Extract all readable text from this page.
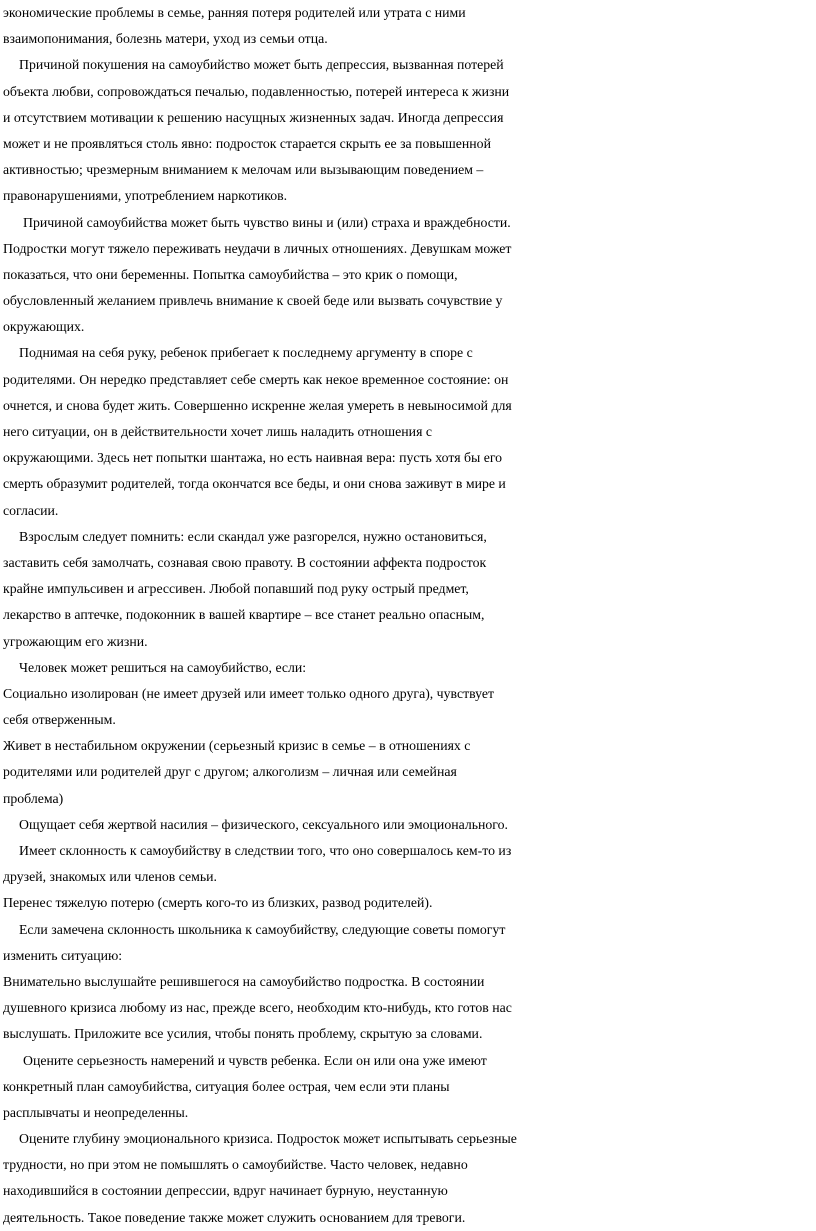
экономические проблемы в семье, ранняя потеря родителей или утрата с ними
взаимопонимания, болезнь матери, уход из семьи отца.
Причиной покушения на самоубийство может быть депрессия, вызванная потерей
объекта любви, сопровождаться печалью, подавленностью, потерей интереса к жизни
и отсутствием мотивации к решению насущных жизненных задач. Иногда депрессия
может и не проявляться столь явно: подросток старается скрыть ее за повышенной
активностью; чрезмерным вниманием к мелочам или вызывающим поведением –
правонарушениями, употреблением наркотиков.
Причиной самоубийства может быть чувство вины и (или) страха и враждебности.
Подростки могут тяжело переживать неудачи в личных отношениях. Девушкам может
показаться, что они беременны. Попытка самоубийства – это крик о помощи,
обусловленный желанием привлечь внимание к своей беде или вызвать сочувствие у
окружающих.
Поднимая на себя руку, ребенок прибегает к последнему аргументу в споре с
родителями. Он нередко представляет себе смерть как некое временное состояние: он
очнется, и снова будет жить. Совершенно искренне желая умереть в невыносимой для
него ситуации, он в действительности хочет лишь наладить отношения с
окружающими. Здесь нет попытки шантажа, но есть наивная вера: пусть хотя бы его
смерть образумит родителей, тогда окончатся все беды, и они снова заживут в мире и
согласии.
Взрослым следует помнить: если скандал уже разгорелся, нужно остановиться,
заставить себя замолчать, сознавая свою правоту. В состоянии аффекта подросток
крайне импульсивен и агрессивен. Любой попавший под руку острый предмет,
лекарство в аптечке, подоконник в вашей квартире – все станет реально опасным,
угрожающим его жизни.
Человек может решиться на самоубийство, если:
Социально изолирован (не имеет друзей или имеет только одного друга), чувствует
себя отверженным.
Живет в нестабильном окружении (серьезный кризис в семье – в отношениях с
родителями или родителей друг с другом; алкоголизм – личная или семейная
проблема)
Ощущает себя жертвой насилия – физического, сексуального или эмоционального.
Имеет склонность к самоубийству в следствии того, что оно совершалось кем-то из
друзей, знакомых или членов семьи.
Перенес тяжелую потерю (смерть кого-то из близких, развод родителей).
Если замечена склонность школьника к самоубийству, следующие советы помогут
изменить ситуацию:
Внимательно выслушайте решившегося на самоубийство подростка. В состоянии
душевного кризиса любому из нас, прежде всего, необходим кто-нибудь, кто готов нас
выслушать. Приложите все усилия, чтобы понять проблему, скрытую за словами.
Оцените серьезность намерений и чувств ребенка. Если он или она уже имеют
конкретный план самоубийства, ситуация более острая, чем если эти планы
расплывчаты и неопределенны.
Оцените глубину эмоционального кризиса. Подросток может испытывать серьезные
трудности, но при этом не помышлять о самоубийстве. Часто человек, недавно
находившийся в состоянии депрессии, вдруг начинает бурную, неустанную
деятельность. Такое поведение также может служить основанием для тревоги.
